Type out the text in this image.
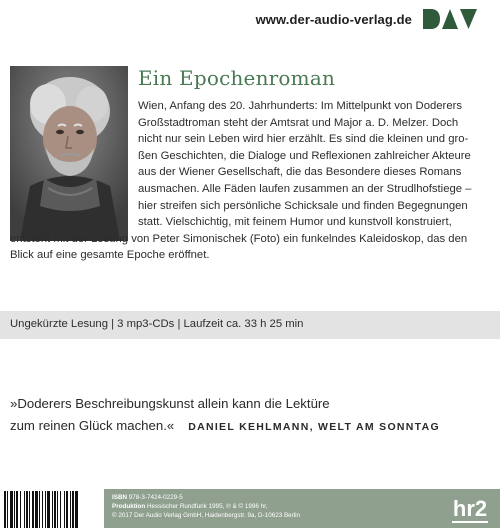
www.der-audio-verlag.de
Ein Epochenroman
Wien, Anfang des 20. Jahrhunderts: Im Mittelpunkt von Doderers
Großstadtroman steht der Amtsrat und Major a. D. Melzer. Doch
nicht nur sein Leben wird hier erzählt. Es sind die kleinen und gro-
ßen Geschichten, die Dialoge und Reflexionen zahlreicher Akteure
aus der Wiener Gesellschaft, die das Besondere dieses Romans
ausmachen. Alle Fäden laufen zusammen an der Strudlhofstiege –
hier streifen sich persönliche Schicksale und finden Begegnungen
statt. Vielschichtig, mit feinem Humor und kunstvoll konstruiert,
entsteht mit der Lesung von Peter Simonischek (Foto) ein funkelndes Kaleidoskop, das den
Blick auf eine gesamte Epoche eröffnet.
Ungekürzte Lesung | 3 mp3-CDs | Laufzeit ca. 33 h 25 min
»Doderers Beschreibungskunst allein kann die Lektüre
zum reinen Glück machen.« DANIEL KEHLMANN, WELT AM SONNTAG
ISBN 978-3-7424-0229-5
Produktion Hessischer Rundfunk 1995, ℗ & © 1996 hr,
© 2017 Der Audio Verlag GmbH, Haidenbergstr. 9a, D-10623 Berlin	hr2
